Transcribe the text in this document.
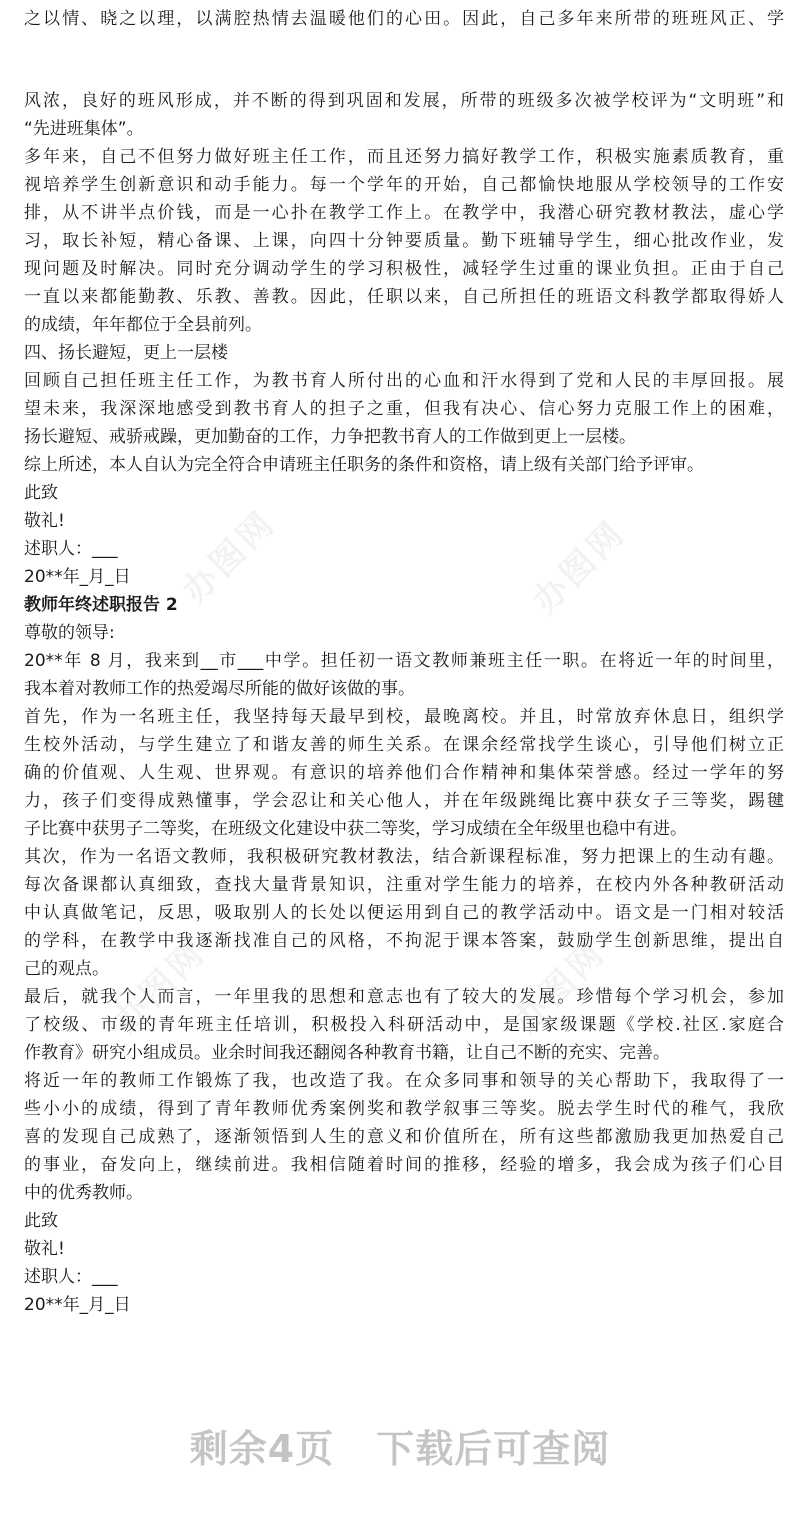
办图网	办图网
办图网	办图网
之以情、晓之以理，以满腔热情去温暖他们的心田。因此，自己多年来所带的班班风正、学
风浓，良好的班风形成，并不断的得到巩固和发展，所带的班级多次被学校评为“文明班”和
“先进班集体”。
多年来，自己不但努力做好班主任工作，而且还努力搞好教学工作，积极实施素质教育，重
视培养学生创新意识和动手能力。每一个学年的开始，自己都愉快地服从学校领导的工作安
排，从不讲半点价钱，而是一心扑在教学工作上。在教学中，我潜心研究教材教法，虚心学
习，取长补短，精心备课、上课，向四十分钟要质量。勤下班辅导学生，细心批改作业，发
现问题及时解决。同时充分调动学生的学习积极性，减轻学生过重的课业负担。正由于自己
一直以来都能勤教、乐教、善教。因此，任职以来，自己所担任的班语文科教学都取得娇人
的成绩，年年都位于全县前列。
四、扬长避短，更上一层楼
回顾自己担任班主任工作，为教书育人所付出的心血和汗水得到了党和人民的丰厚回报。展
望未来，我深深地感受到教书育人的担子之重，但我有决心、信心努力克服工作上的困难，
扬长避短、戒骄戒躁，更加勤奋的工作，力争把教书育人的工作做到更上一层楼。
综上所述，本人自认为完全符合申请班主任职务的条件和资格，请上级有关部门给予评审。
此致
敬礼!
述职人：___
20**年_月_日
教师年终述职报告 2
尊敬的领导:
20**年 8 月，我来到__市___中学。担任初一语文教师兼班主任一职。在将近一年的时间里，
我本着对教师工作的热爱竭尽所能的做好该做的事。
首先，作为一名班主任，我坚持每天最早到校，最晚离校。并且，时常放弃休息日，组织学
生校外活动，与学生建立了和谐友善的师生关系。在课余经常找学生谈心，引导他们树立正
确的价值观、人生观、世界观。有意识的培养他们合作精神和集体荣誉感。经过一学年的努
力，孩子们变得成熟懂事，学会忍让和关心他人，并在年级跳绳比赛中获女子三等奖，踢毽
子比赛中获男子二等奖，在班级文化建设中获二等奖，学习成绩在全年级里也稳中有进。
其次，作为一名语文教师，我积极研究教材教法，结合新课程标准，努力把课上的生动有趣。
每次备课都认真细致，查找大量背景知识，注重对学生能力的培养，在校内外各种教研活动
中认真做笔记，反思，吸取别人的长处以便运用到自己的教学活动中。语文是一门相对较活
的学科，在教学中我逐渐找准自己的风格，不拘泥于课本答案，鼓励学生创新思维，提出自
己的观点。
最后，就我个人而言，一年里我的思想和意志也有了较大的发展。珍惜每个学习机会，参加
了校级、市级的青年班主任培训，积极投入科研活动中，是国家级课题《学校.社区.家庭合
作教育》研究小组成员。业余时间我还翻阅各种教育书籍，让自己不断的充实、完善。
将近一年的教师工作锻炼了我，也改造了我。在众多同事和领导的关心帮助下，我取得了一
些小小的成绩，得到了青年教师优秀案例奖和教学叙事三等奖。脱去学生时代的稚气，我欣
喜的发现自己成熟了，逐渐领悟到人生的意义和价值所在，所有这些都激励我更加热爱自己
的事业，奋发向上，继续前进。我相信随着时间的推移，经验的增多，我会成为孩子们心目
中的优秀教师。
此致
敬礼!
述职人：___
20**年_月_日
剩余4页 下载后可查阅
